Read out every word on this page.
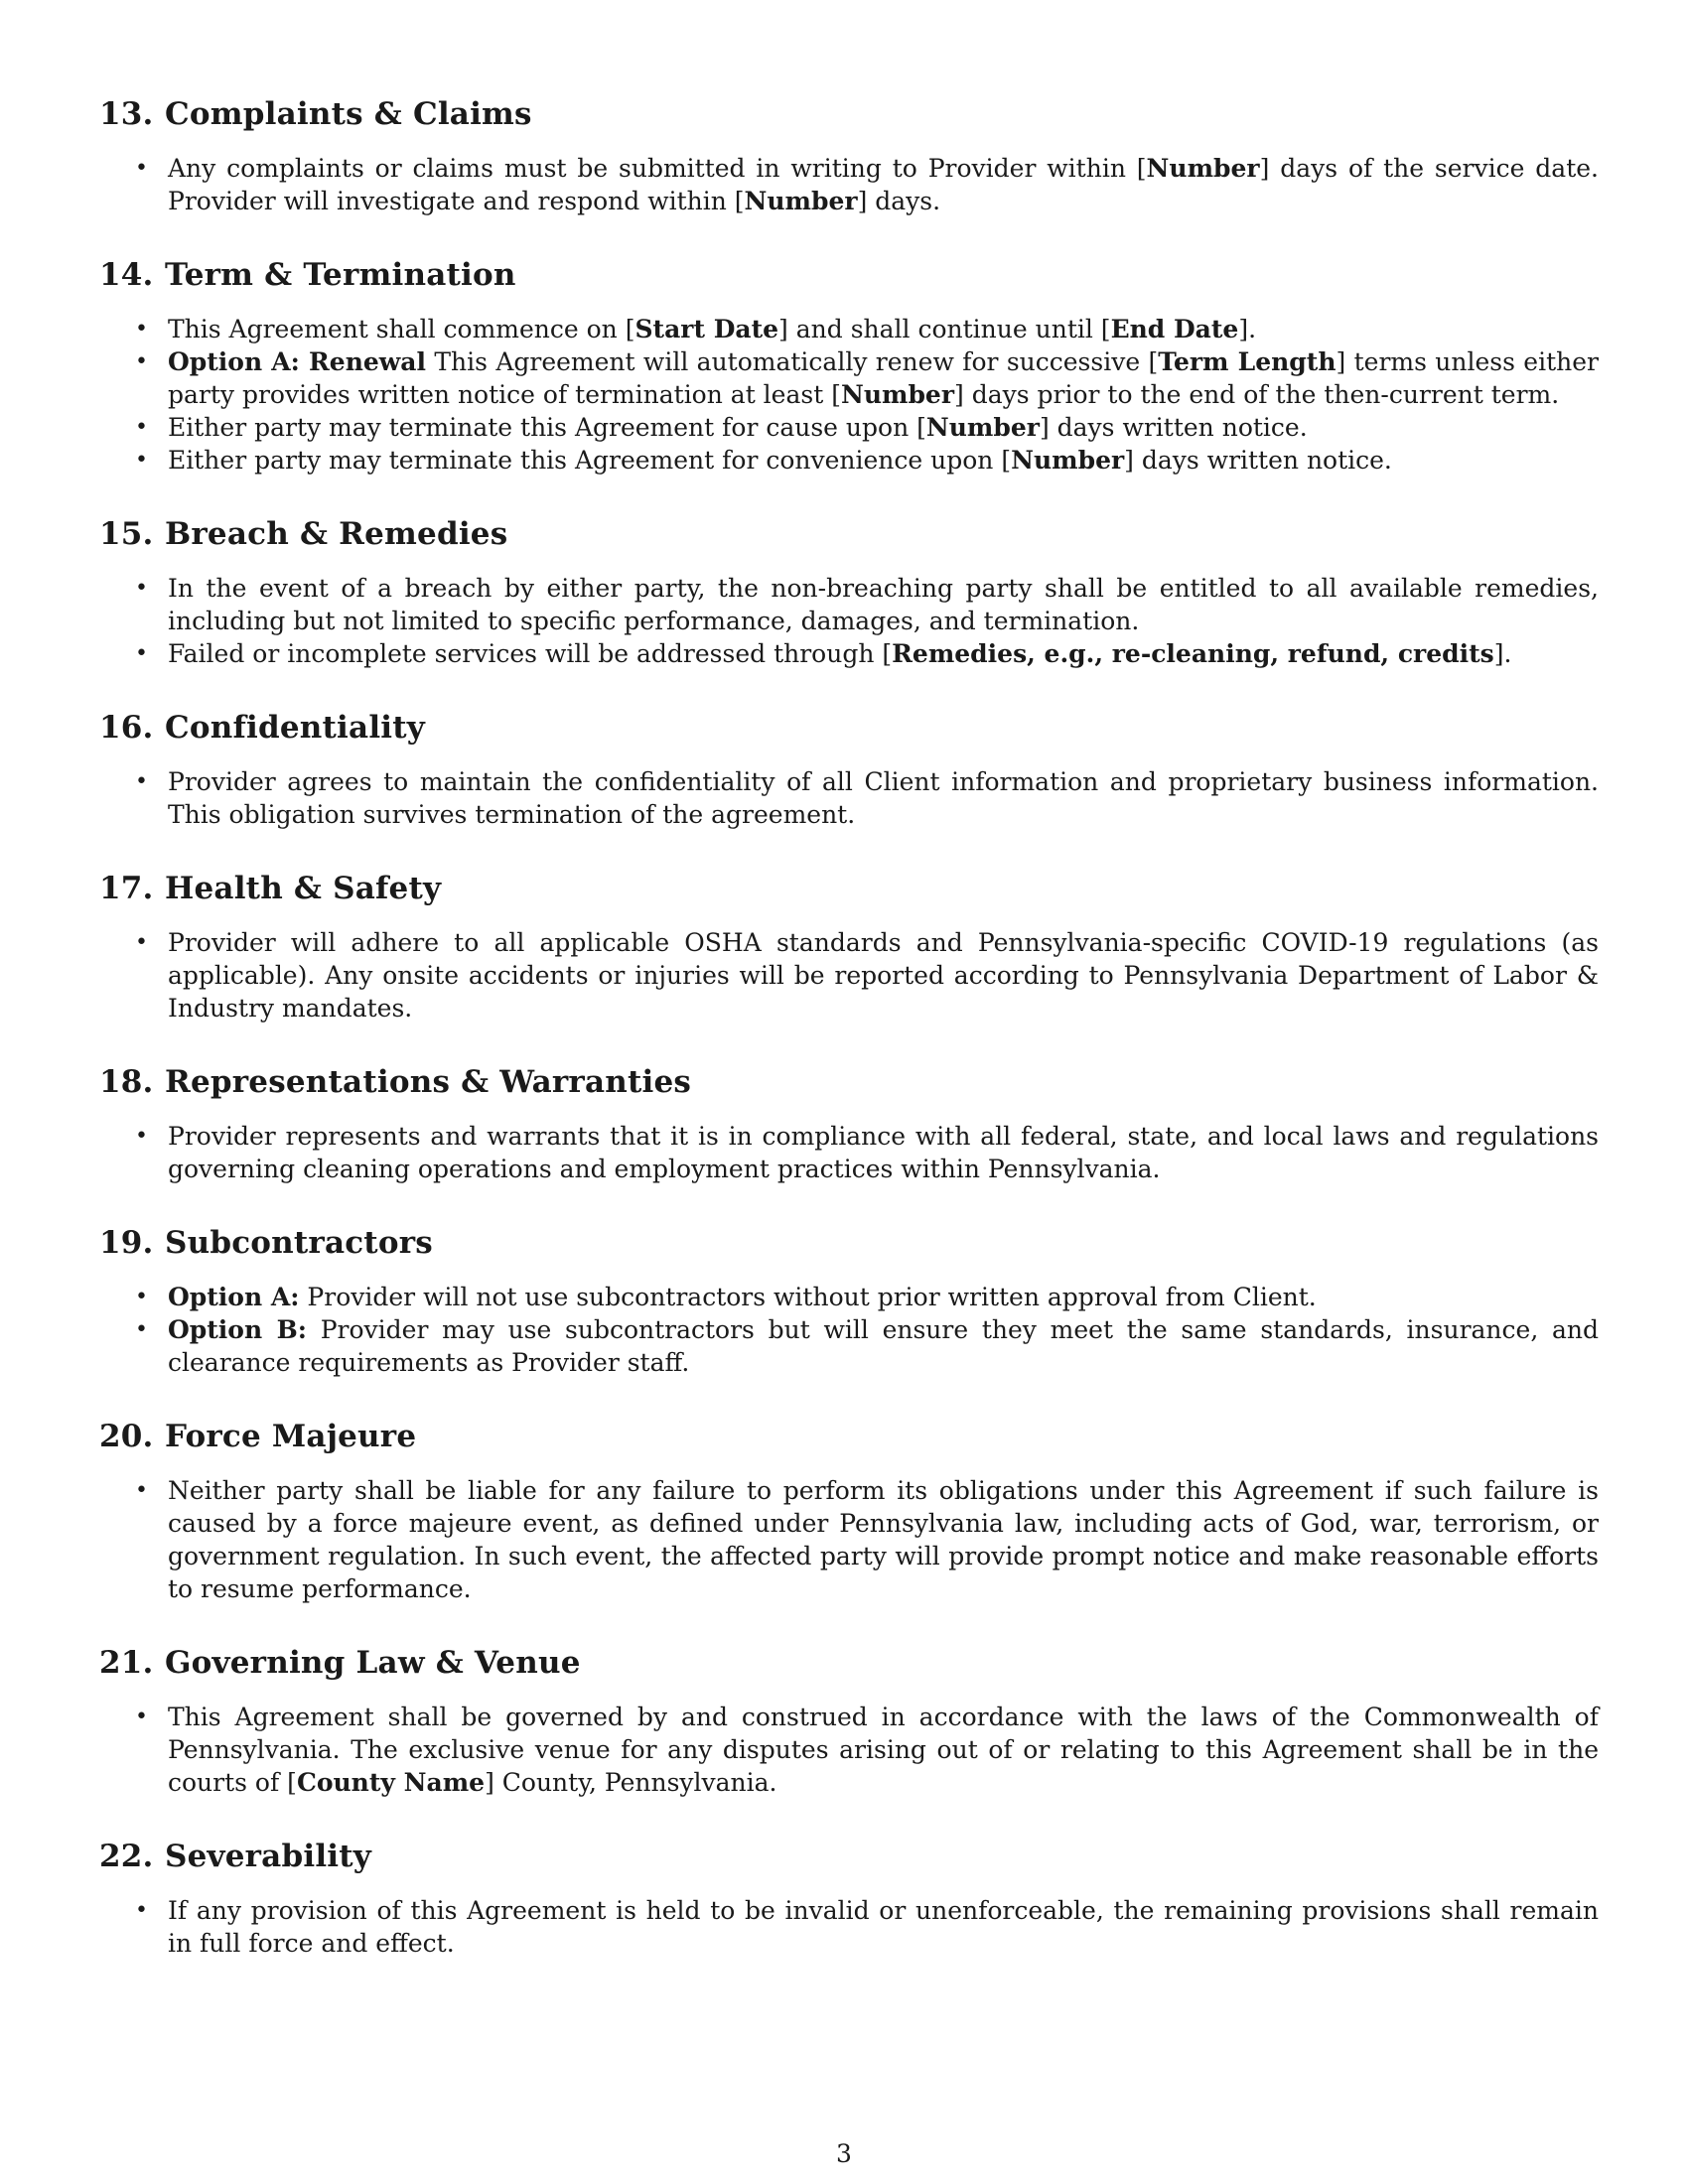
13. Complaints & Claims
• Any complaints or claims must be submitted in writing to Provider within [Number] days of the service date. Provider will investigate and respond within [Number] days.
14. Term & Termination
• This Agreement shall commence on [Start Date] and shall continue until [End Date].
• Option A: Renewal This Agreement will automatically renew for successive [Term Length] terms unless either party provides written notice of termination at least [Number] days prior to the end of the then-current term.
• Either party may terminate this Agreement for cause upon [Number] days written notice.
• Either party may terminate this Agreement for convenience upon [Number] days written notice.
15. Breach & Remedies
• In the event of a breach by either party, the non-breaching party shall be entitled to all available remedies, including but not limited to specific performance, damages, and termination.
• Failed or incomplete services will be addressed through [Remedies, e.g., re-cleaning, refund, credits].
16. Confidentiality
• Provider agrees to maintain the confidentiality of all Client information and proprietary business information. This obligation survives termination of the agreement.
17. Health & Safety
• Provider will adhere to all applicable OSHA standards and Pennsylvania-specific COVID-19 regulations (as applicable). Any onsite accidents or injuries will be reported according to Pennsylvania Department of Labor & Industry mandates.
18. Representations & Warranties
• Provider represents and warrants that it is in compliance with all federal, state, and local laws and regulations governing cleaning operations and employment practices within Pennsylvania.
19. Subcontractors
• Option A: Provider will not use subcontractors without prior written approval from Client.
• Option B: Provider may use subcontractors but will ensure they meet the same standards, insurance, and clearance requirements as Provider staff.
20. Force Majeure
• Neither party shall be liable for any failure to perform its obligations under this Agreement if such failure is caused by a force majeure event, as defined under Pennsylvania law, including acts of God, war, terrorism, or government regulation. In such event, the affected party will provide prompt notice and make reasonable efforts to resume performance.
21. Governing Law & Venue
• This Agreement shall be governed by and construed in accordance with the laws of the Commonwealth of Pennsylvania. The exclusive venue for any disputes arising out of or relating to this Agreement shall be in the courts of [County Name] County, Pennsylvania.
22. Severability
• If any provision of this Agreement is held to be invalid or unenforceable, the remaining provisions shall remain in full force and effect.
3
